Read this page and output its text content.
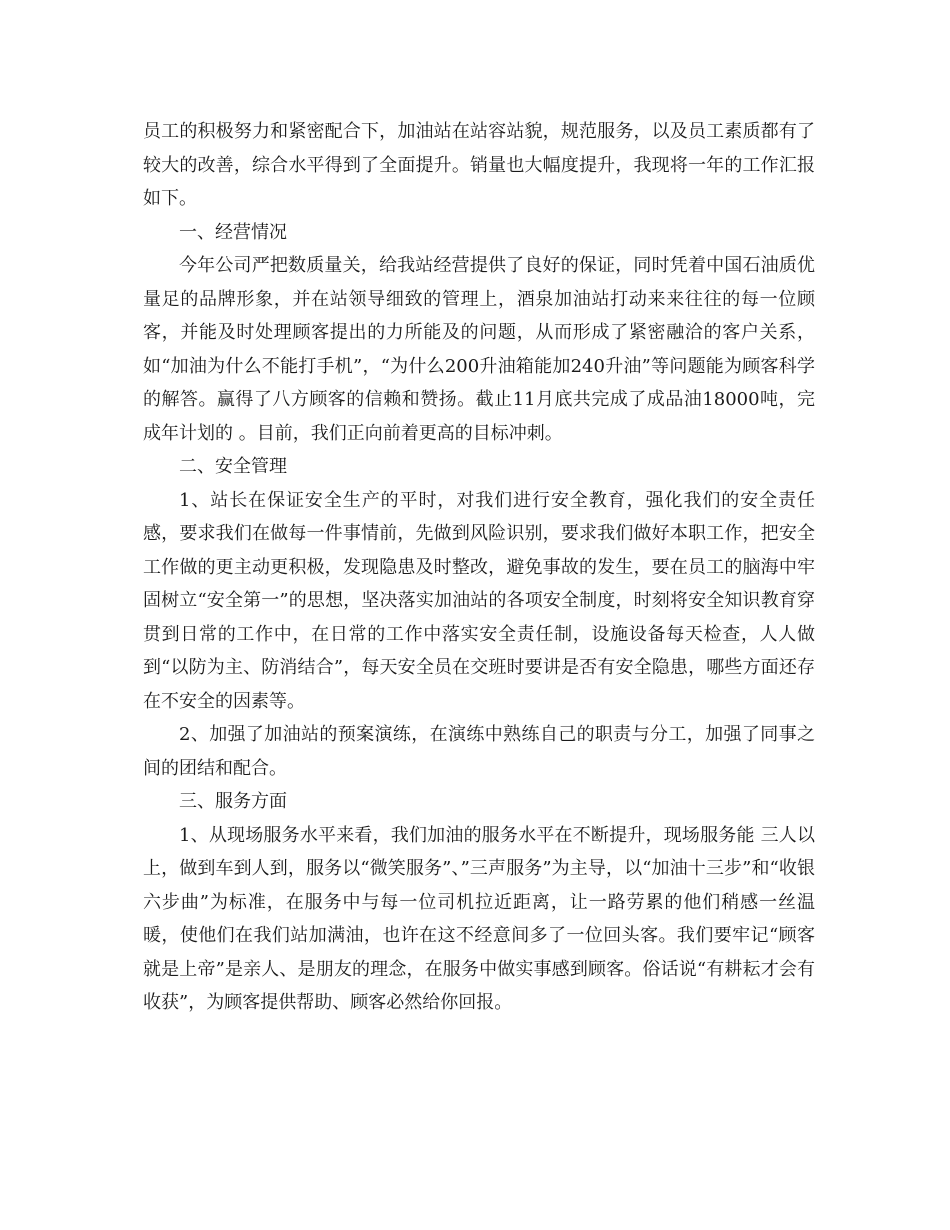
员工的积极努力和紧密配合下，加油站在站容站貌，规范服务，以及员工素质都有了较大的改善，综合水平得到了全面提升。销量也大幅度提升，我现将一年的工作汇报如下。

一、经营情况

今年公司严把数质量关，给我站经营提供了良好的保证，同时凭着中国石油质优量足的品牌形象，并在站领导细致的管理上，酒泉加油站打动来来往往的每一位顾客，并能及时处理顾客提出的力所能及的问题，从而形成了紧密融洽的客户关系，如“加油为什么不能打手机”，“为什么200升油箱能加240升油”等问题能为顾客科学的解答。赢得了八方顾客的信赖和赞扬。截止11月底共完成了成品油18000吨，完成年计划的 。目前，我们正向前着更高的目标冲刺。

二、安全管理

1、站长在保证安全生产的平时，对我们进行安全教育，强化我们的安全责任感，要求我们在做每一件事情前，先做到风险识别，要求我们做好本职工作，把安全工作做的更主动更积极，发现隐患及时整改，避免事故的发生，要在员工的脑海中牢固树立“安全第一”的思想，坚决落实加油站的各项安全制度，时刻将安全知识教育穿贯到日常的工作中，在日常的工作中落实安全责任制，设施设备每天检查，人人做到“以防为主、防消结合”，每天安全员在交班时要讲是否有安全隐患，哪些方面还存在不安全的因素等。

2、加强了加油站的预案演练，在演练中熟练自己的职责与分工，加强了同事之间的团结和配合。

三、服务方面

1、从现场服务水平来看，我们加油的服务水平在不断提升，现场服务能 三人以上，做到车到人到，服务以“微笑服务”、”三声服务”为主导，以“加油十三步”和“收银六步曲”为标准，在服务中与每一位司机拉近距离，让一路劳累的他们稍感一丝温暖，使他们在我们站加满油，也许在这不经意间多了一位回头客。我们要牢记“顾客就是上帝”是亲人、是朋友的理念，在服务中做实事感到顾客。俗话说“有耕耘才会有收获”，为顾客提供帮助、顾客必然给你回报。
